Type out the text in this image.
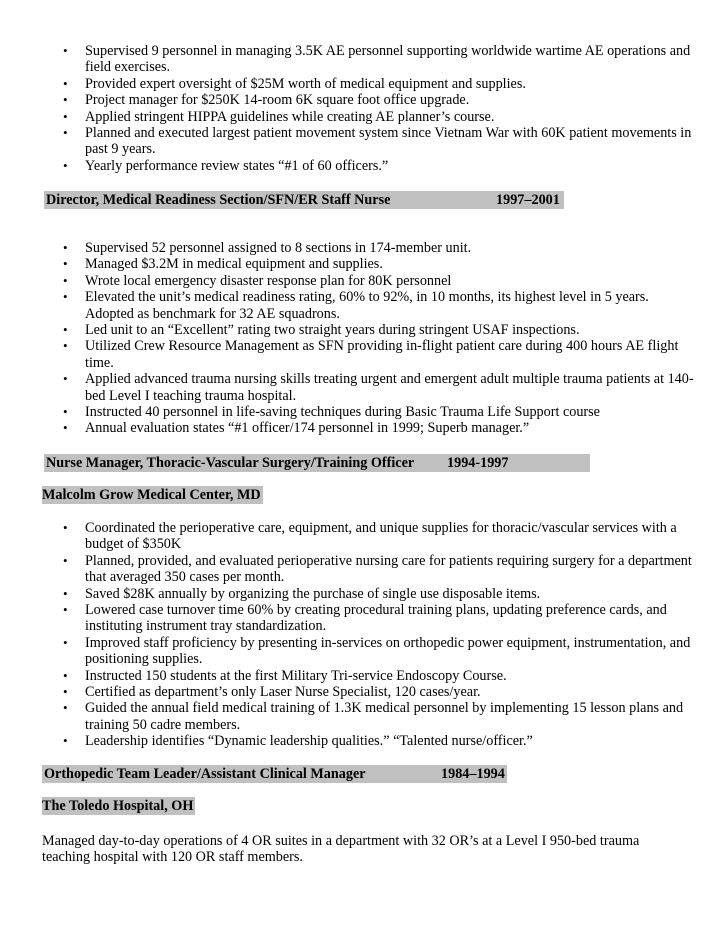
• Supervised 9 personnel in managing 3.5K AE personnel supporting worldwide wartime AE operations and field exercises.
• Provided expert oversight of $25M worth of medical equipment and supplies.
• Project manager for $250K 14-room 6K square foot office upgrade.
• Applied stringent HIPPA guidelines while creating AE planner’s course.
• Planned and executed largest patient movement system since Vietnam War with 60K patient movements in past 9 years.
• Yearly performance review states “#1 of 60 officers.”
Director, Medical Readiness Section/SFN/ER Staff Nurse	1997–2001
• Supervised 52 personnel assigned to 8 sections in 174-member unit.
• Managed $3.2M in medical equipment and supplies.
• Wrote local emergency disaster response plan for 80K personnel
• Elevated the unit’s medical readiness rating, 60% to 92%, in 10 months, its highest level in 5 years. Adopted as benchmark for 32 AE squadrons.
• Led unit to an “Excellent” rating two straight years during stringent USAF inspections.
• Utilized Crew Resource Management as SFN providing in-flight patient care during 400 hours AE flight time.
• Applied advanced trauma nursing skills treating urgent and emergent adult multiple trauma patients at 140-bed Level I teaching trauma hospital.
• Instructed 40 personnel in life-saving techniques during Basic Trauma Life Support course
• Annual evaluation states “#1 officer/174 personnel in 1999; Superb manager.”
Nurse Manager, Thoracic-Vascular Surgery/Training Officer 1994-1997
Malcolm Grow Medical Center, MD
• Coordinated the perioperative care, equipment, and unique supplies for thoracic/vascular services with a budget of $350K
• Planned, provided, and evaluated perioperative nursing care for patients requiring surgery for a department that averaged 350 cases per month.
• Saved $28K annually by organizing the purchase of single use disposable items.
• Lowered case turnover time 60% by creating procedural training plans, updating preference cards, and instituting instrument tray standardization.
• Improved staff proficiency by presenting in-services on orthopedic power equipment, instrumentation, and positioning supplies.
• Instructed 150 students at the first Military Tri-service Endoscopy Course.
• Certified as department’s only Laser Nurse Specialist, 120 cases/year.
• Guided the annual field medical training of 1.3K medical personnel by implementing 15 lesson plans and training 50 cadre members.
• Leadership identifies “Dynamic leadership qualities.” “Talented nurse/officer.”
Orthopedic Team Leader/Assistant Clinical Manager	1984–1994
The Toledo Hospital, OH
Managed day-to-day operations of 4 OR suites in a department with 32 OR’s at a Level I 950-bed trauma teaching hospital with 120 OR staff members.
